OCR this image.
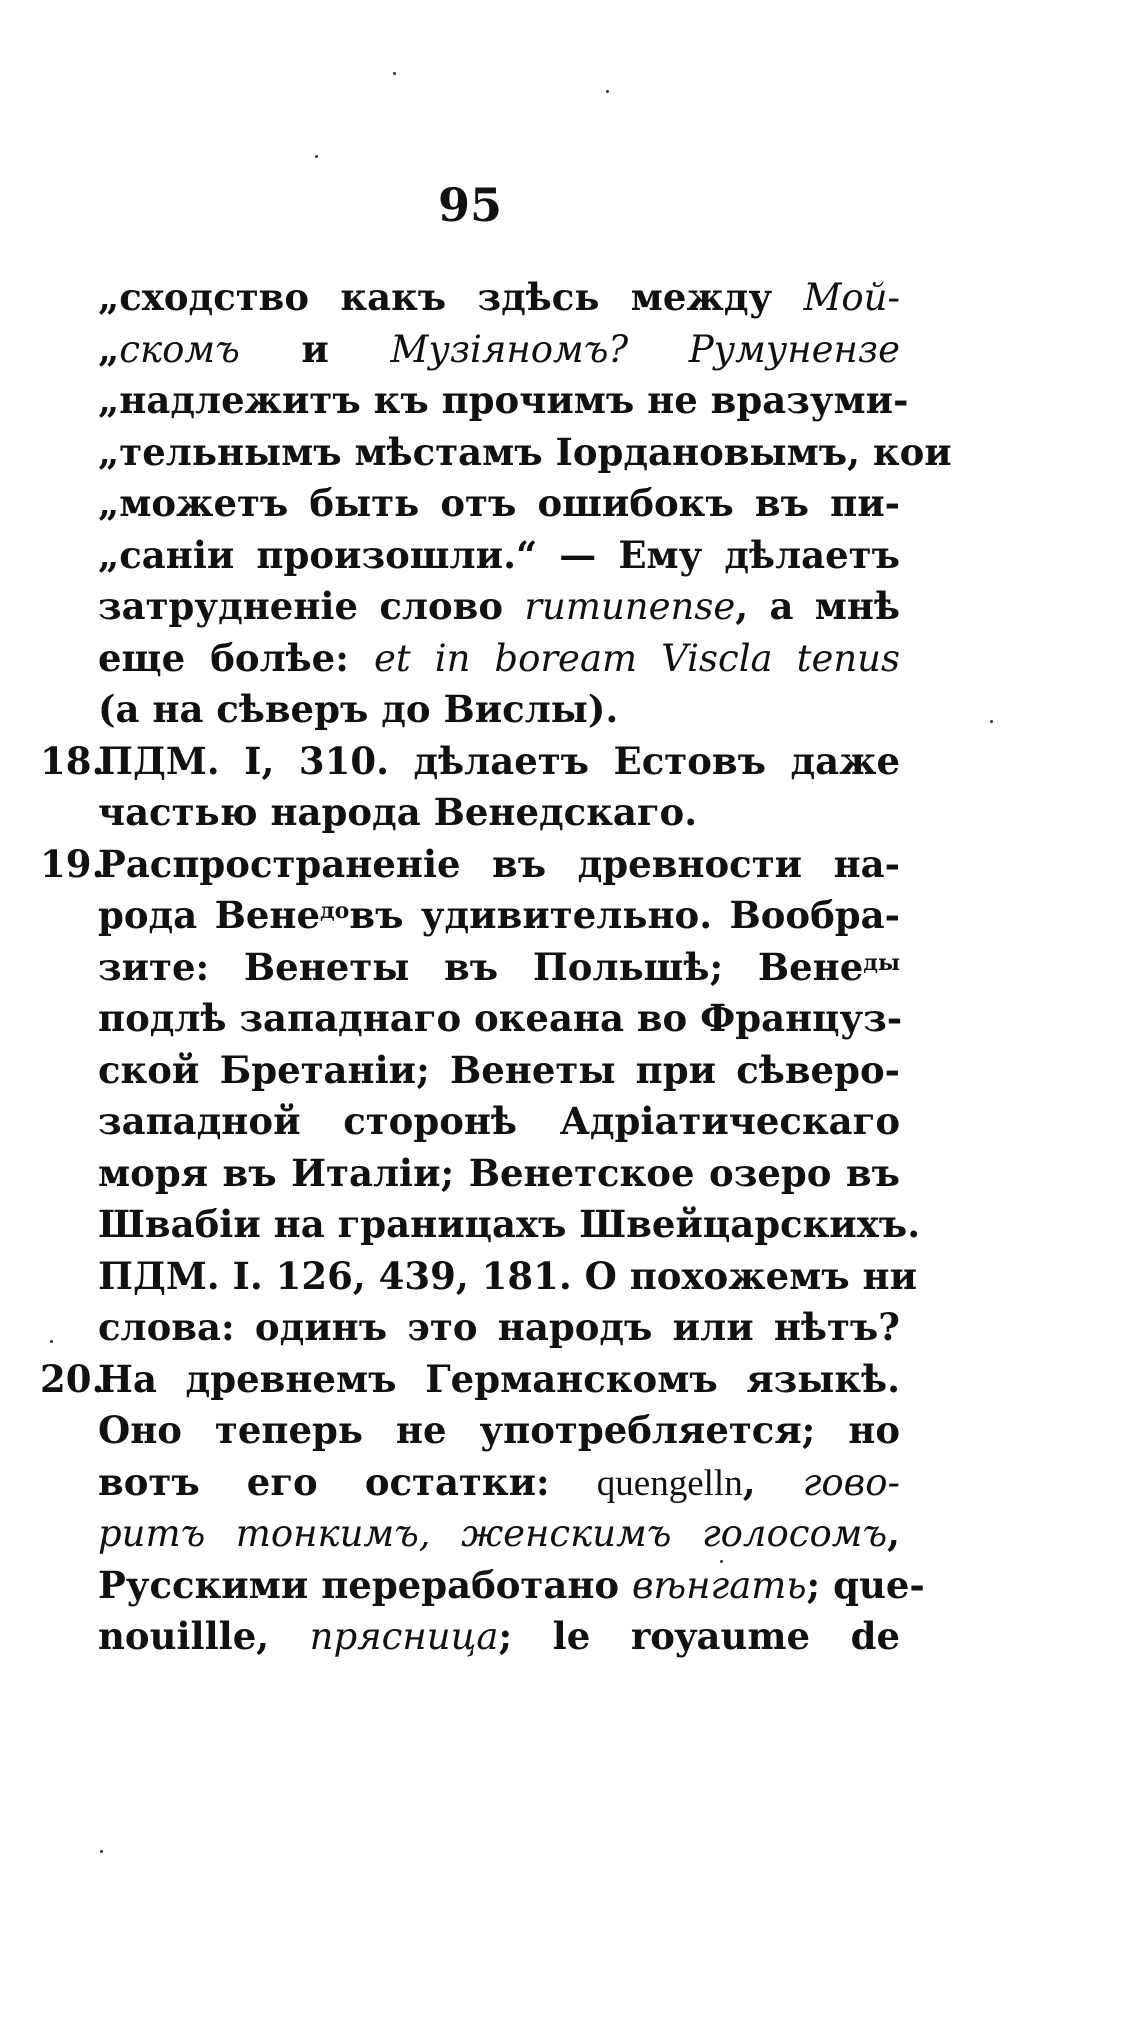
95
„сходство какъ здѣсь между Мой-
„скомъ и Музіяномъ? Румунензе
„надлежитъ къ прочимъ не вразуми-
„тельнымъ мѣстамъ Іордановымъ, кои
„можетъ быть отъ ошибокъ въ пи-
„саніи произошли.“ — Ему дѣлаетъ
затрудненіе слово rumunense, а мнѣ
еще болѣе: et in boream Viscla tenus
(а на сѣверъ до Вислы).
18.ПДМ. I, 310. дѣлаетъ Естовъ даже
частью народа Венедскаго.
19.Распространеніе въ древности на-
рода Вене$^{до}$въ удивительно. Вообра-
зите: Венеты въ Польшѣ; Вене$^{ды}$
подлѣ западнаго океана во Француз-
ской Бретаніи; Венеты при сѣверо-
западной сторонѣ Адріатическаго
моря въ Италіи; Венетское озеро въ
Швабіи на границахъ Швейцарскихъ.
ПДМ. I. 126, 439, 181. О похожемъ ни
слова: одинъ это народъ или нѣтъ?
20.На древнемъ Германскомъ языкѣ.
Оно теперь не употребляется; но
вотъ его остатки: quengelln, гово-
ритъ тонкимъ, женскимъ голосомъ,
Русскими переработано вѣнгать; que-
nouillle, прясница; le royaume de
